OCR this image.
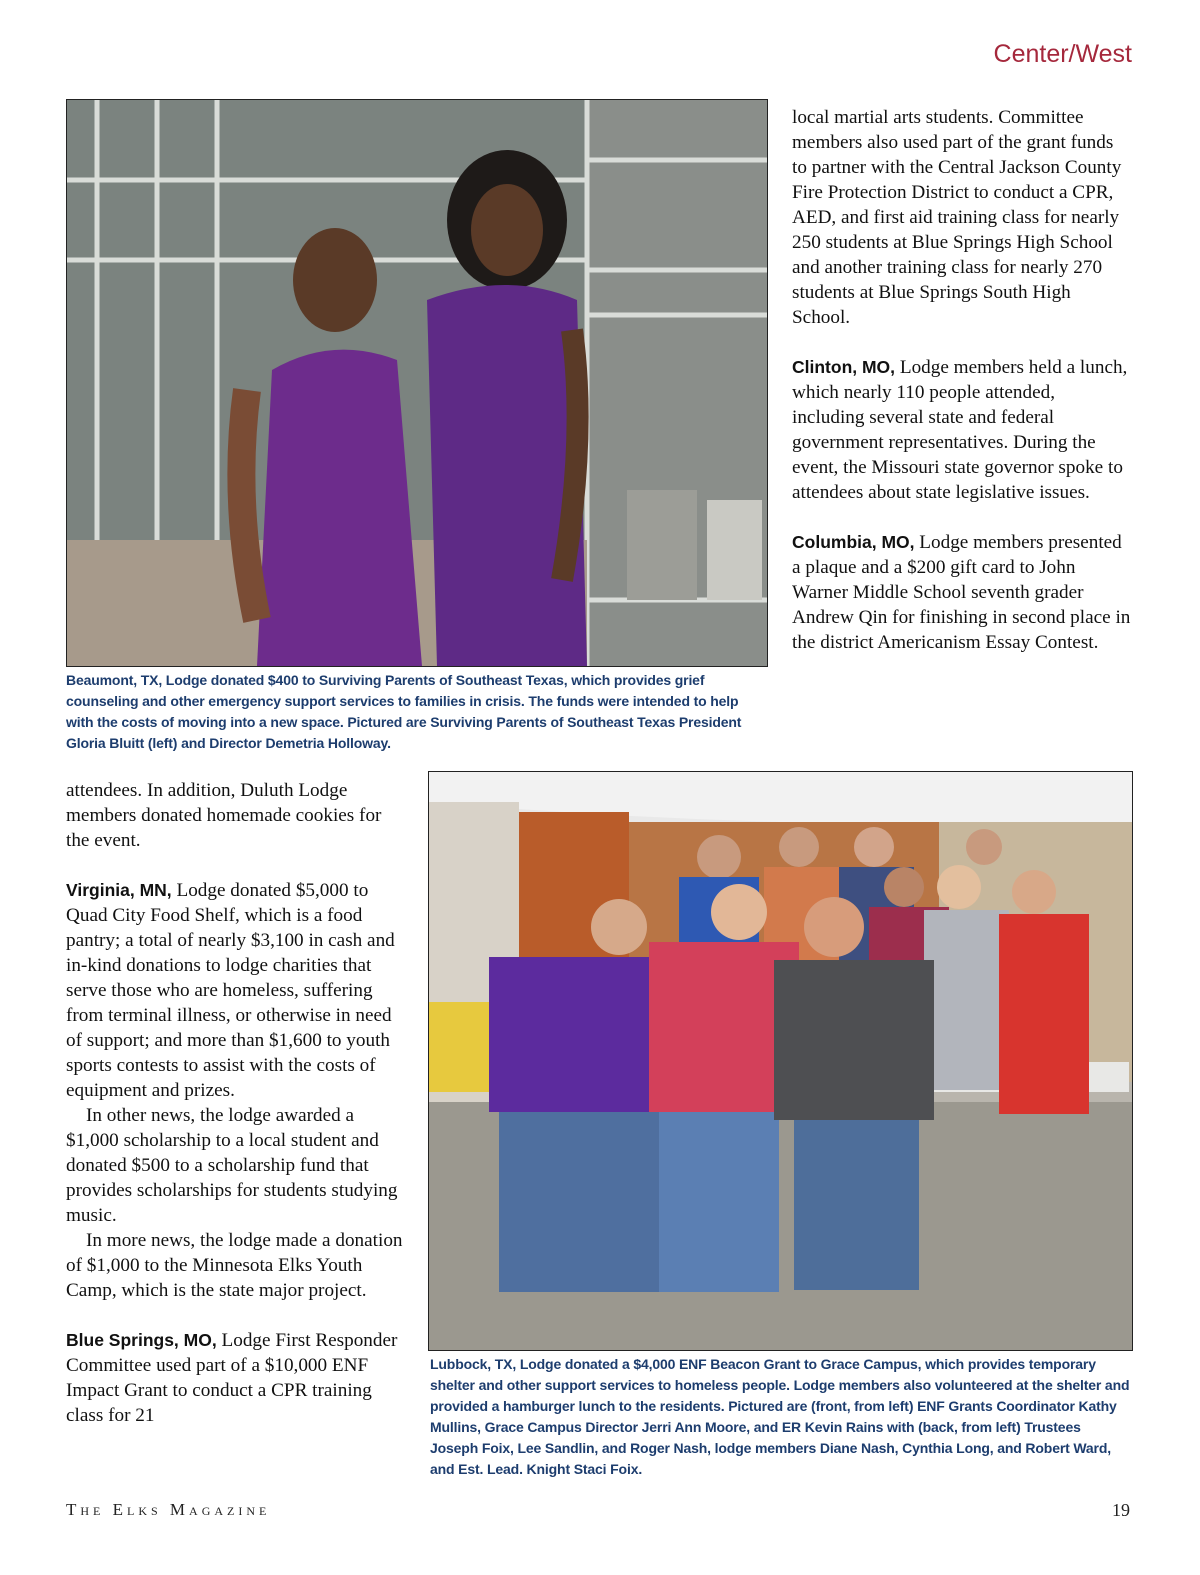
Center/West
Beaumont, TX, Lodge donated $400 to Surviving Parents of Southeast Texas, which provides grief counseling and other emergency support services to families in crisis. The funds were intended to help with the costs of moving into a new space. Pictured are Surviving Parents of Southeast Texas President Gloria Bluitt (left) and Director Demetria Holloway.

local martial arts students. Committee members also used part of the grant funds to partner with the Central Jackson County Fire Protection District to conduct a CPR, AED, and first aid training class for nearly 250 students at Blue Springs High School and another training class for nearly 270 students at Blue Springs South High School.

Clinton, MO, Lodge members held a lunch, which nearly 110 people attended, including several state and federal government representatives. During the event, the Missouri state governor spoke to attendees about state legislative issues.

Columbia, MO, Lodge members presented a plaque and a $200 gift card to John Warner Middle School seventh grader Andrew Qin for finishing in second place in the district Americanism Essay Contest.

attendees. In addition, Duluth Lodge members donated homemade cookies for the event.

Virginia, MN, Lodge donated $5,000 to Quad City Food Shelf, which is a food pantry; a total of nearly $3,100 in cash and in-kind donations to lodge charities that serve those who are homeless, suffering from terminal illness, or otherwise in need of support; and more than $1,600 to youth sports contests to assist with the costs of equipment and prizes.

In other news, the lodge awarded a $1,000 scholarship to a local student and donated $500 to a scholarship fund that provides scholarships for students studying music.

In more news, the lodge made a donation of $1,000 to the Minnesota Elks Youth Camp, which is the state major project.

Blue Springs, MO, Lodge First Responder Committee used part of a $10,000 ENF Impact Grant to conduct a CPR training class for 21

Lubbock, TX, Lodge donated a $4,000 ENF Beacon Grant to Grace Campus, which provides temporary shelter and other support services to homeless people. Lodge members also volunteered at the shelter and provided a hamburger lunch to the residents. Pictured are (front, from left) ENF Grants Coordinator Kathy Mullins, Grace Campus Director Jerri Ann Moore, and ER Kevin Rains with (back, from left) Trustees Joseph Foix, Lee Sandlin, and Roger Nash, lodge members Diane Nash, Cynthia Long, and Robert Ward, and Est. Lead. Knight Staci Foix.
The Elks Magazine	19
